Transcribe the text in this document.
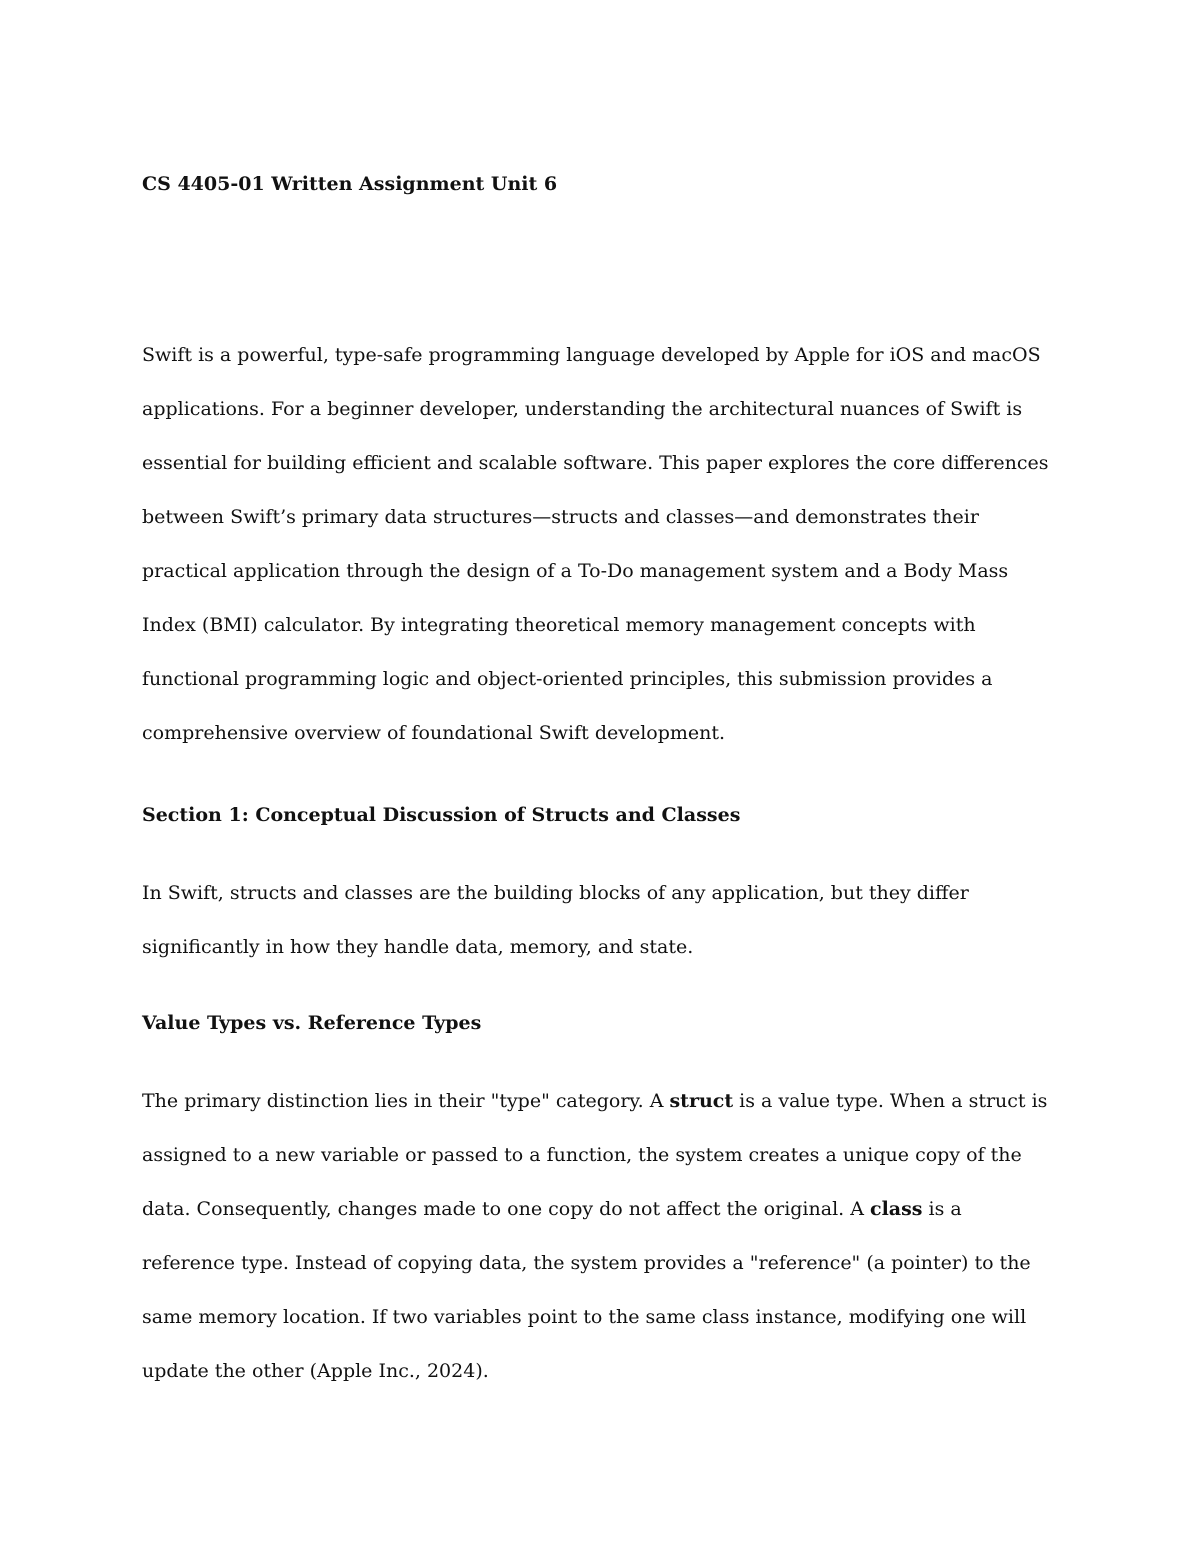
CS 4405-01 Written Assignment Unit 6

Swift is a powerful, type-safe programming language developed by Apple for iOS and macOS applications. For a beginner developer, understanding the architectural nuances of Swift is essential for building efficient and scalable software. This paper explores the core differences between Swift’s primary data structures—structs and classes—and demonstrates their practical application through the design of a To-Do management system and a Body Mass Index (BMI) calculator. By integrating theoretical memory management concepts with functional programming logic and object-oriented principles, this submission provides a comprehensive overview of foundational Swift development.

Section 1: Conceptual Discussion of Structs and Classes

In Swift, structs and classes are the building blocks of any application, but they differ significantly in how they handle data, memory, and state.

Value Types vs. Reference Types

The primary distinction lies in their "type" category. A struct is a value type. When a struct is assigned to a new variable or passed to a function, the system creates a unique copy of the data. Consequently, changes made to one copy do not affect the original. A class is a reference type. Instead of copying data, the system provides a "reference" (a pointer) to the same memory location. If two variables point to the same class instance, modifying one will update the other (Apple Inc., 2024).
